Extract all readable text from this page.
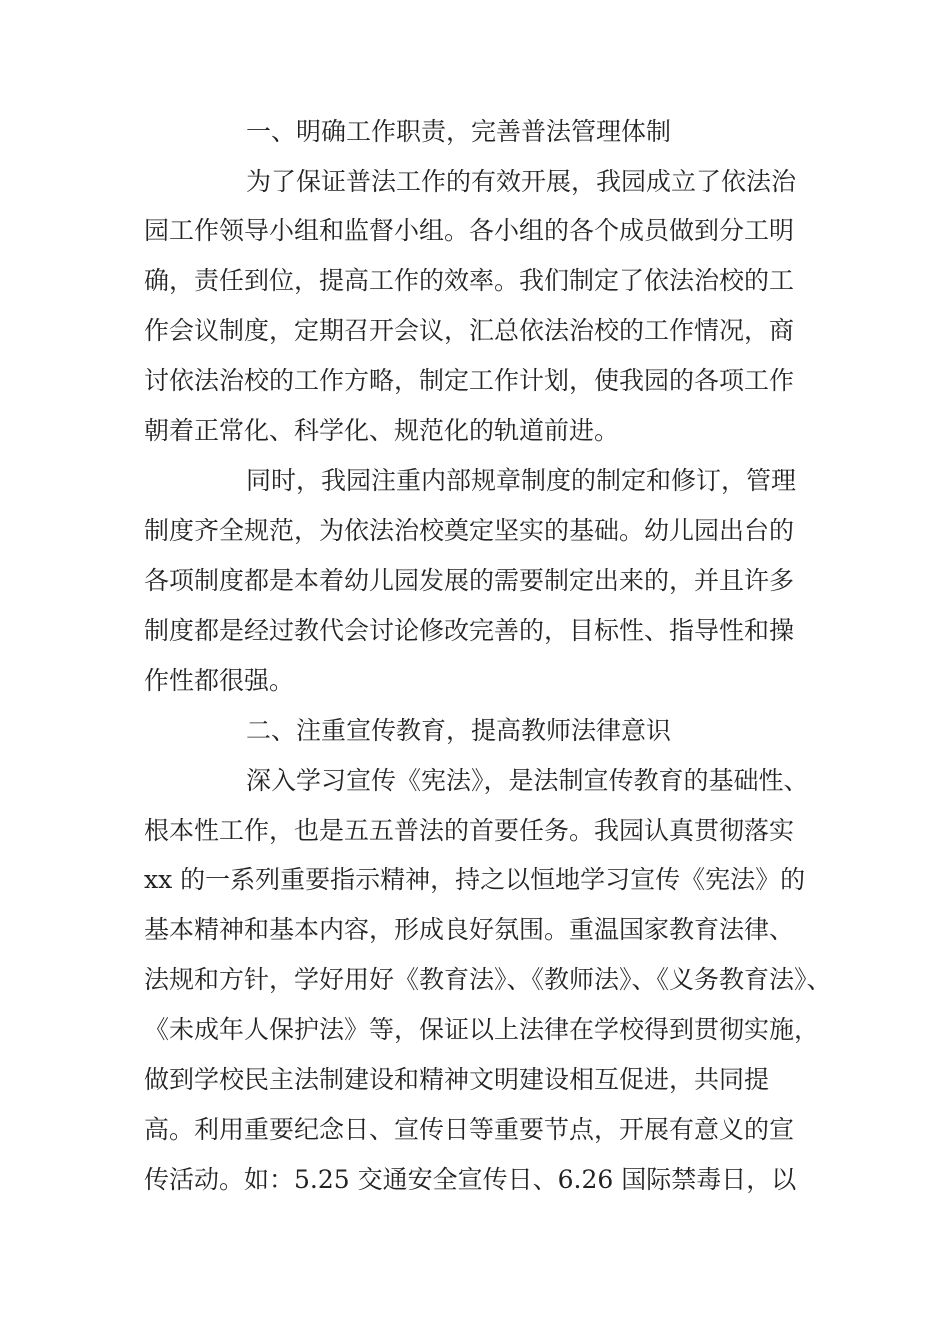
一、明确工作职责，完善普法管理体制
为了保证普法工作的有效开展，我园成立了依法治
园工作领导小组和监督小组。各小组的各个成员做到分工明
确，责任到位，提高工作的效率。我们制定了依法治校的工
作会议制度，定期召开会议，汇总依法治校的工作情况，商
讨依法治校的工作方略，制定工作计划，使我园的各项工作
朝着正常化、科学化、规范化的轨道前进。
同时，我园注重内部规章制度的制定和修订，管理
制度齐全规范，为依法治校奠定坚实的基础。幼儿园出台的
各项制度都是本着幼儿园发展的需要制定出来的，并且许多
制度都是经过教代会讨论修改完善的，目标性、指导性和操
作性都很强。
二、注重宣传教育，提高教师法律意识
深入学习宣传《宪法》，是法制宣传教育的基础性、
根本性工作，也是五五普法的首要任务。我园认真贯彻落实
xx 的一系列重要指示精神，持之以恒地学习宣传《宪法》的
基本精神和基本内容，形成良好氛围。重温国家教育法律、
法规和方针，学好用好《教育法》、《教师法》、《义务教育法》、
《未成年人保护法》等，保证以上法律在学校得到贯彻实施，
做到学校民主法制建设和精神文明建设相互促进，共同提
高。利用重要纪念日、宣传日等重要节点，开展有意义的宣
传活动。如：5.25 交通安全宣传日、6.26 国际禁毒日，以
